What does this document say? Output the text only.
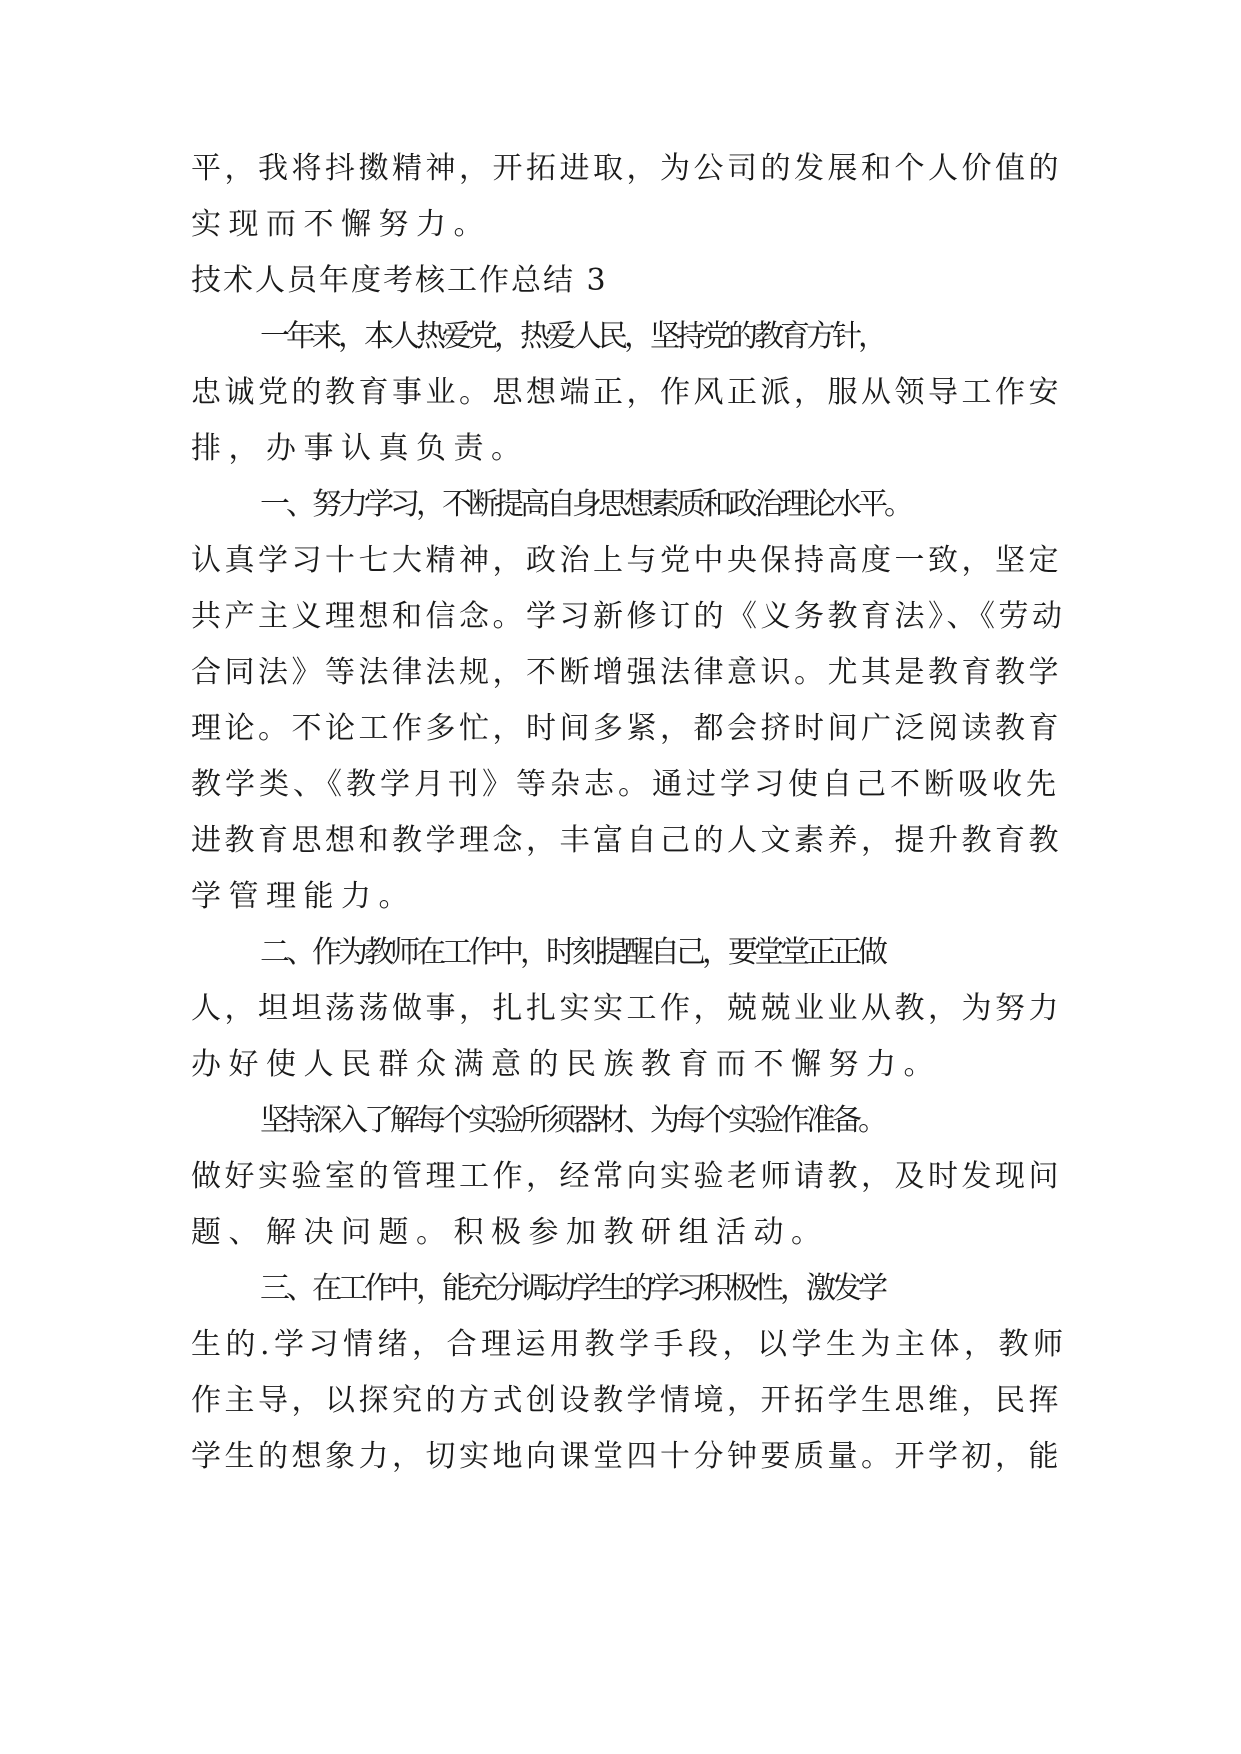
平，我将抖擞精神，开拓进取，为公司的发展和个人价值的

实现而不懈努力。

技术人员年度考核工作总结 3

一年来，本人热爱党，热爱人民，坚持党的教育方针，

忠诚党的教育事业。思想端正，作风正派，服从领导工作安

排，办事认真负责。

一、努力学习，不断提高自身思想素质和政治理论水平。

认真学习十七大精神，政治上与党中央保持高度一致，坚定

共产主义理想和信念。学习新修订的《义务教育法》、《劳动

合同法》等法律法规，不断增强法律意识。尤其是教育教学

理论。不论工作多忙，时间多紧，都会挤时间广泛阅读教育

教学类、《教学月刊》等杂志。通过学习使自己不断吸收先

进教育思想和教学理念，丰富自己的人文素养，提升教育教

学管理能力。

二、作为教师在工作中，时刻提醒自己，要堂堂正正做

人，坦坦荡荡做事，扎扎实实工作，兢兢业业从教，为努力

办好使人民群众满意的民族教育而不懈努力。

坚持深入了解每个实验所须器材、为每个实验作准备。

做好实验室的管理工作，经常向实验老师请教，及时发现问

题、解决问题。积极参加教研组活动。

三、在工作中，能充分调动学生的学习积极性，激发学

生的.学习情绪，合理运用教学手段，以学生为主体，教师

作主导，以探究的方式创设教学情境，开拓学生思维，民挥

学生的想象力，切实地向课堂四十分钟要质量。开学初，能
